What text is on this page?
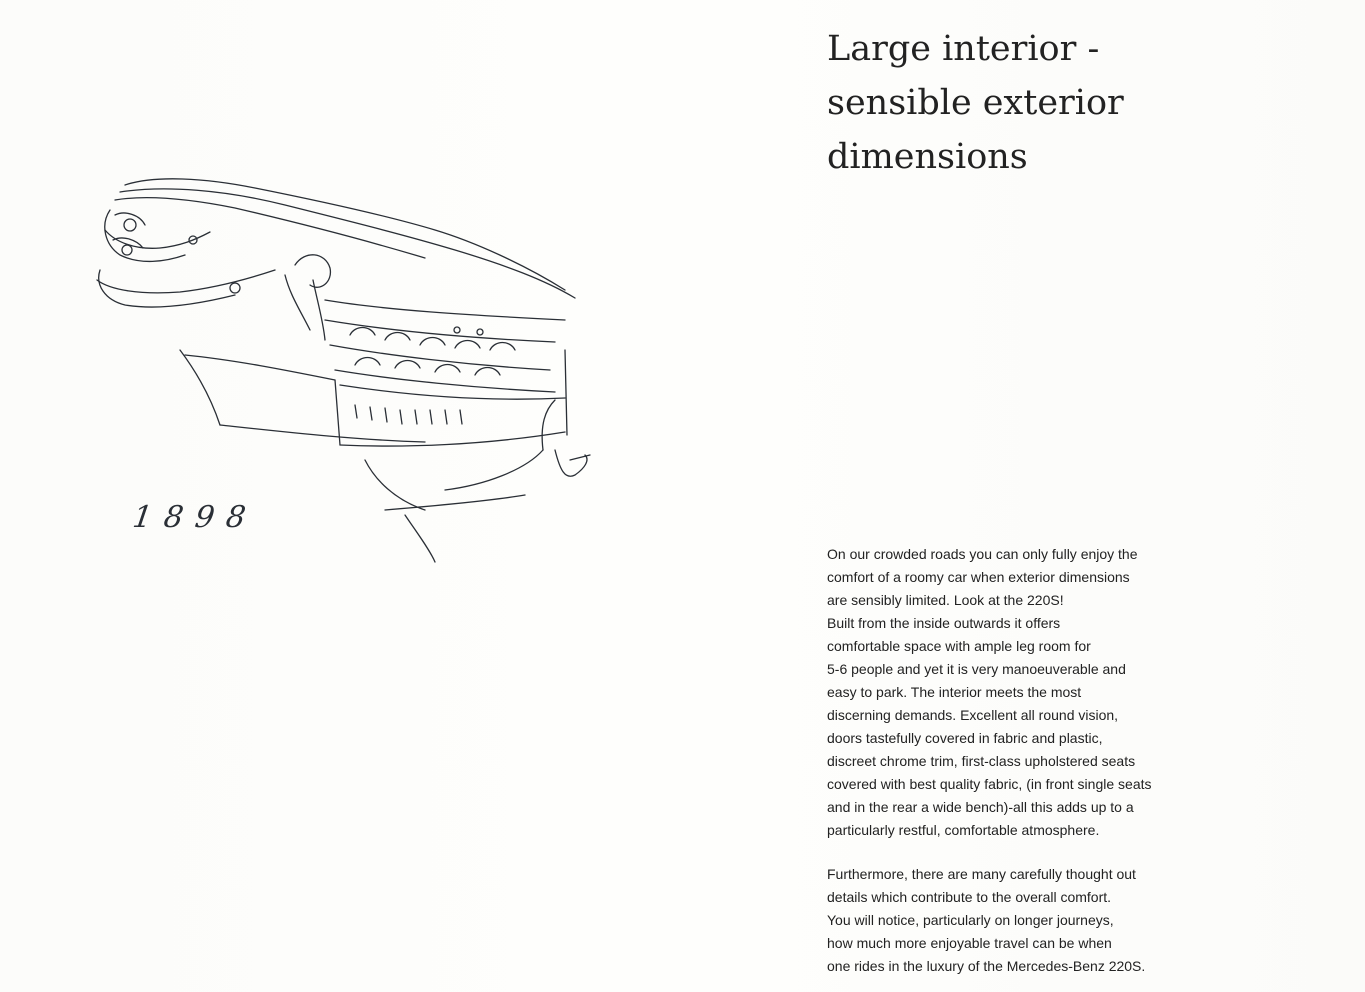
1898
Large interior -
sensible exterior
dimensions

On our crowded roads you can only fully enjoy the
comfort of a roomy car when exterior dimensions
are sensibly limited. Look at the 220S!
Built from the inside outwards it offers
comfortable space with ample leg room for
5-6 people and yet it is very manoeuverable and
easy to park. The interior meets the most
discerning demands. Excellent all round vision,
doors tastefully covered in fabric and plastic,
discreet chrome trim, first-class upholstered seats
covered with best quality fabric, (in front single seats
and in the rear a wide bench)-all this adds up to a
particularly restful, comfortable atmosphere.

Furthermore, there are many carefully thought out
details which contribute to the overall comfort.
You will notice, particularly on longer journeys,
how much more enjoyable travel can be when
one rides in the luxury of the Mercedes-Benz 220S.
